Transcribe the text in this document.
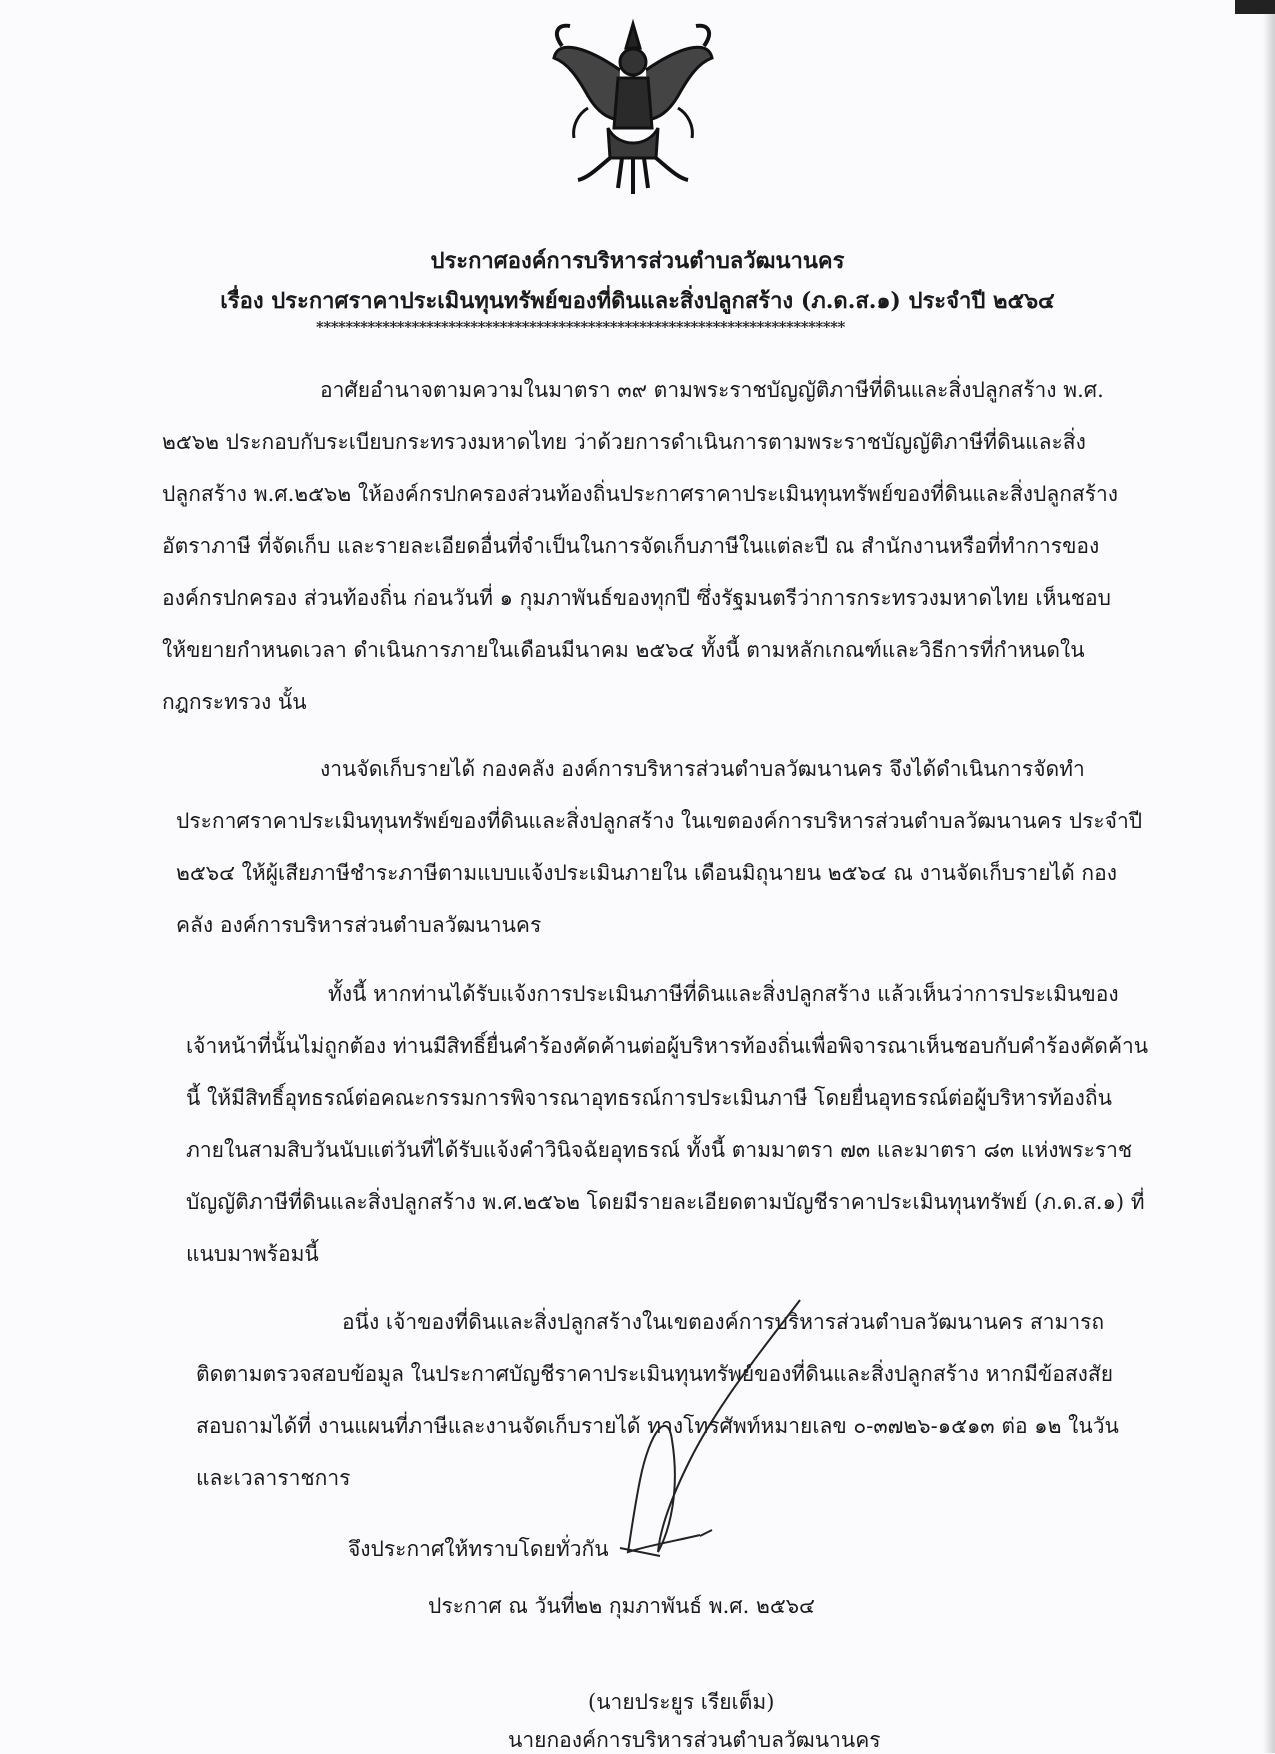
ประกาศองค์การบริหารส่วนตำบลวัฒนานคร
เรื่อง ประกาศราคาประเมินทุนทรัพย์ของที่ดินและสิ่งปลูกสร้าง (ภ.ด.ส.๑) ประจำปี ๒๕๖๔
************************************************************************
อาศัยอำนาจตามความในมาตรา ๓๙ ตามพระราชบัญญัติภาษีที่ดินและสิ่งปลูกสร้าง พ.ศ.
๒๕๖๒ ประกอบกับระเบียบกระทรวงมหาดไทย ว่าด้วยการดำเนินการตามพระราชบัญญัติภาษีที่ดินและสิ่ง
ปลูกสร้าง พ.ศ.๒๕๖๒ ให้องค์กรปกครองส่วนท้องถิ่นประกาศราคาประเมินทุนทรัพย์ของที่ดินและสิ่งปลูกสร้าง
อัตราภาษี ที่จัดเก็บ และรายละเอียดอื่นที่จำเป็นในการจัดเก็บภาษีในแต่ละปี ณ สำนักงานหรือที่ทำการของ
องค์กรปกครอง ส่วนท้องถิ่น ก่อนวันที่ ๑ กุมภาพันธ์ของทุกปี ซึ่งรัฐมนตรีว่าการกระทรวงมหาดไทย เห็นชอบ
ให้ขยายกำหนดเวลา ดำเนินการภายในเดือนมีนาคม ๒๕๖๔ ทั้งนี้ ตามหลักเกณฑ์และวิธีการที่กำหนดใน
กฎกระทรวง นั้น
งานจัดเก็บรายได้ กองคลัง องค์การบริหารส่วนตำบลวัฒนานคร จึงได้ดำเนินการจัดทำ
ประกาศราคาประเมินทุนทรัพย์ของที่ดินและสิ่งปลูกสร้าง ในเขตองค์การบริหารส่วนตำบลวัฒนานคร ประจำปี
๒๕๖๔ ให้ผู้เสียภาษีชำระภาษีตามแบบแจ้งประเมินภายใน เดือนมิถุนายน ๒๕๖๔ ณ งานจัดเก็บรายได้ กอง
คลัง องค์การบริหารส่วนตำบลวัฒนานคร
ทั้งนี้ หากท่านได้รับแจ้งการประเมินภาษีที่ดินและสิ่งปลูกสร้าง แล้วเห็นว่าการประเมินของ
เจ้าหน้าที่นั้นไม่ถูกต้อง ท่านมีสิทธิ์ยื่นคำร้องคัดค้านต่อผู้บริหารท้องถิ่นเพื่อพิจารณาเห็นชอบกับคำร้องคัดค้าน
นี้ ให้มีสิทธิ์อุทธรณ์ต่อคณะกรรมการพิจารณาอุทธรณ์การประเมินภาษี โดยยื่นอุทธรณ์ต่อผู้บริหารท้องถิ่น
ภายในสามสิบวันนับแต่วันที่ได้รับแจ้งคำวินิจฉัยอุทธรณ์ ทั้งนี้ ตามมาตรา ๗๓ และมาตรา ๘๓ แห่งพระราช
บัญญัติภาษีที่ดินและสิ่งปลูกสร้าง พ.ศ.๒๕๖๒ โดยมีรายละเอียดตามบัญชีราคาประเมินทุนทรัพย์ (ภ.ด.ส.๑) ที่
แนบมาพร้อมนี้
อนึ่ง เจ้าของที่ดินและสิ่งปลูกสร้างในเขตองค์การบริหารส่วนตำบลวัฒนานคร สามารถ
ติดตามตรวจสอบข้อมูล ในประกาศบัญชีราคาประเมินทุนทรัพย์ของที่ดินและสิ่งปลูกสร้าง หากมีข้อสงสัย
สอบถามได้ที่ งานแผนที่ภาษีและงานจัดเก็บรายได้ ทางโทรศัพท์หมายเลข ๐-๓๗๒๖-๑๕๑๓ ต่อ ๑๒ ในวัน
และเวลาราชการ
จึงประกาศให้ทราบโดยทั่วกัน
ประกาศ ณ วันที่๒๒ กุมภาพันธ์ พ.ศ. ๒๕๖๔
(นายประยูร เรียเต็ม)
นายกองค์การบริหารส่วนตำบลวัฒนานคร
